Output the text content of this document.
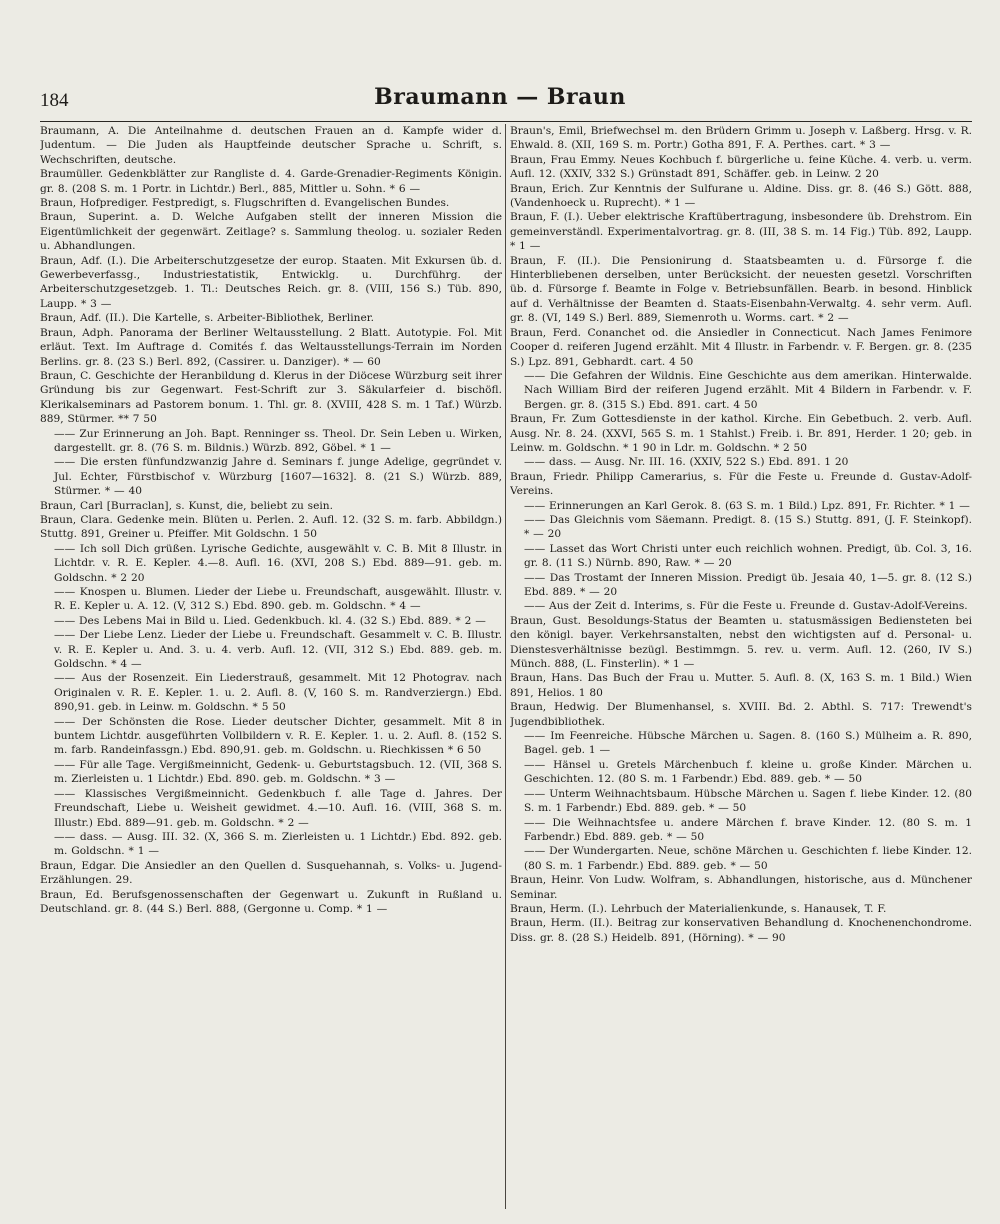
184	Braumann — Braun

Braumann, A. Die Anteilnahme d. deutschen Frauen an d. Kampfe wider d. Judentum. — Die Juden als Hauptfeinde deutscher Sprache u. Schrift, s. Wechschriften, deutsche.

Braumüller. Gedenkblätter zur Rangliste d. 4. Garde-Grenadier-Regiments Königin. gr. 8. (208 S. m. 1 Portr. in Lichtdr.) Berl., 885, Mittler u. Sohn. * 6 —

Braun, Hofprediger. Festpredigt, s. Flugschriften d. Evangelischen Bundes.

Braun, Superint. a. D. Welche Aufgaben stellt der inneren Mission die Eigentümlichkeit der gegenwärt. Zeitlage? s. Sammlung theolog. u. sozialer Reden u. Abhandlungen.

Braun, Adf. (I.). Die Arbeiterschutzgesetze der europ. Staaten. Mit Exkursen üb. d. Gewerbeverfassg., Industriestatistik, Entwicklg. u. Durchführg. der Arbeiterschutzgesetzgeb. 1. Tl.: Deutsches Reich. gr. 8. (VIII, 156 S.) Tüb. 890, Laupp. * 3 —

Braun, Adf. (II.). Die Kartelle, s. Arbeiter-Bibliothek, Berliner.

Braun, Adph. Panorama der Berliner Weltausstellung. 2 Blatt. Autotypie. Fol. Mit erläut. Text. Im Auftrage d. Comités f. das Weltausstellungs-Terrain im Norden Berlins. gr. 8. (23 S.) Berl. 892, (Cassirer. u. Danziger). * — 60

Braun, C. Geschichte der Heranbildung d. Klerus in der Diöcese Würzburg seit ihrer Gründung bis zur Gegenwart. Fest-Schrift zur 3. Säkularfeier d. bischöfl. Klerikalseminars ad Pastorem bonum. 1. Thl. gr. 8. (XVIII, 428 S. m. 1 Taf.) Würzb. 889, Stürmer. ** 7 50

—— Zur Erinnerung an Joh. Bapt. Renninger ss. Theol. Dr. Sein Leben u. Wirken, dargestellt. gr. 8. (76 S. m. Bildnis.) Würzb. 892, Göbel. * 1 —

—— Die ersten fünfundzwanzig Jahre d. Seminars f. junge Adelige, gegründet v. Jul. Echter, Fürstbischof v. Würzburg [1607—1632]. 8. (21 S.) Würzb. 889, Stürmer. * — 40

Braun, Carl [Burraclan], s. Kunst, die, beliebt zu sein.

Braun, Clara. Gedenke mein. Blüten u. Perlen. 2. Aufl. 12. (32 S. m. farb. Abbildgn.) Stuttg. 891, Greiner u. Pfeiffer. Mit Goldschn. 1 50

—— Ich soll Dich grüßen. Lyrische Gedichte, ausgewählt v. C. B. Mit 8 Illustr. in Lichtdr. v. R. E. Kepler. 4.—8. Aufl. 16. (XVI, 208 S.) Ebd. 889—91. geb. m. Goldschn. * 2 20

—— Knospen u. Blumen. Lieder der Liebe u. Freundschaft, ausgewählt. Illustr. v. R. E. Kepler u. A. 12. (V, 312 S.) Ebd. 890. geb. m. Goldschn. * 4 —

—— Des Lebens Mai in Bild u. Lied. Gedenkbuch. kl. 4. (32 S.) Ebd. 889. * 2 —

—— Der Liebe Lenz. Lieder der Liebe u. Freundschaft. Gesammelt v. C. B. Illustr. v. R. E. Kepler u. And. 3. u. 4. verb. Aufl. 12. (VII, 312 S.) Ebd. 889. geb. m. Goldschn. * 4 —

—— Aus der Rosenzeit. Ein Liederstrauß, gesammelt. Mit 12 Photograv. nach Originalen v. R. E. Kepler. 1. u. 2. Aufl. 8. (V, 160 S. m. Randverziergn.) Ebd. 890,91. geb. in Leinw. m. Goldschn. * 5 50

—— Der Schönsten die Rose. Lieder deutscher Dichter, gesammelt. Mit 8 in buntem Lichtdr. ausgeführten Vollbildern v. R. E. Kepler. 1. u. 2. Aufl. 8. (152 S. m. farb. Randeinfassgn.) Ebd. 890,91. geb. m. Goldschn. u. Riechkissen * 6 50

—— Für alle Tage. Vergißmeinnicht, Gedenk- u. Geburtstagsbuch. 12. (VII, 368 S. m. Zierleisten u. 1 Lichtdr.) Ebd. 890. geb. m. Goldschn. * 3 —

—— Klassisches Vergißmeinnicht. Gedenkbuch f. alle Tage d. Jahres. Der Freundschaft, Liebe u. Weisheit gewidmet. 4.—10. Aufl. 16. (VIII, 368 S. m. Illustr.) Ebd. 889—91. geb. m. Goldschn. * 2 —

—— dass. — Ausg. III. 32. (X, 366 S. m. Zierleisten u. 1 Lichtdr.) Ebd. 892. geb. m. Goldschn. * 1 —

Braun, Edgar. Die Ansiedler an den Quellen d. Susquehannah, s. Volks- u. Jugend-Erzählungen. 29.

Braun, Ed. Berufsgenossenschaften der Gegenwart u. Zukunft in Rußland u. Deutschland. gr. 8. (44 S.) Berl. 888, (Gergonne u. Comp. * 1 —

Braun's, Emil, Briefwechsel m. den Brüdern Grimm u. Joseph v. Laßberg. Hrsg. v. R. Ehwald. 8. (XII, 169 S. m. Portr.) Gotha 891, F. A. Perthes. cart. * 3 —

Braun, Frau Emmy. Neues Kochbuch f. bürgerliche u. feine Küche. 4. verb. u. verm. Aufl. 12. (XXIV, 332 S.) Grünstadt 891, Schäffer. geb. in Leinw. 2 20

Braun, Erich. Zur Kenntnis der Sulfurane u. Aldine. Diss. gr. 8. (46 S.) Gött. 888, (Vandenhoeck u. Ruprecht). * 1 —

Braun, F. (I.). Ueber elektrische Kraftübertragung, insbesondere üb. Drehstrom. Ein gemeinverständl. Experimentalvortrag. gr. 8. (III, 38 S. m. 14 Fig.) Tüb. 892, Laupp. * 1 —

Braun, F. (II.). Die Pensionirung d. Staatsbeamten u. d. Fürsorge f. die Hinterbliebenen derselben, unter Berücksicht. der neuesten gesetzl. Vorschriften üb. d. Fürsorge f. Beamte in Folge v. Betriebsunfällen. Bearb. in besond. Hinblick auf d. Verhältnisse der Beamten d. Staats-Eisenbahn-Verwaltg. 4. sehr verm. Aufl. gr. 8. (VI, 149 S.) Berl. 889, Siemenroth u. Worms. cart. * 2 —

Braun, Ferd. Conanchet od. die Ansiedler in Connecticut. Nach James Fenimore Cooper d. reiferen Jugend erzählt. Mit 4 Illustr. in Farbendr. v. F. Bergen. gr. 8. (235 S.) Lpz. 891, Gebhardt. cart. 4 50

—— Die Gefahren der Wildnis. Eine Geschichte aus dem amerikan. Hinterwalde. Nach William Bird der reiferen Jugend erzählt. Mit 4 Bildern in Farbendr. v. F. Bergen. gr. 8. (315 S.) Ebd. 891. cart. 4 50

Braun, Fr. Zum Gottesdienste in der kathol. Kirche. Ein Gebetbuch. 2. verb. Aufl. Ausg. Nr. 8. 24. (XXVI, 565 S. m. 1 Stahlst.) Freib. i. Br. 891, Herder. 1 20; geb. in Leinw. m. Goldschn. * 1 90 in Ldr. m. Goldschn. * 2 50

—— dass. — Ausg. Nr. III. 16. (XXIV, 522 S.) Ebd. 891. 1 20

Braun, Friedr. Philipp Camerarius, s. Für die Feste u. Freunde d. Gustav-Adolf-Vereins.

—— Erinnerungen an Karl Gerok. 8. (63 S. m. 1 Bild.) Lpz. 891, Fr. Richter. * 1 —

—— Das Gleichnis vom Säemann. Predigt. 8. (15 S.) Stuttg. 891, (J. F. Steinkopf). * — 20

—— Lasset das Wort Christi unter euch reichlich wohnen. Predigt, üb. Col. 3, 16. gr. 8. (11 S.) Nürnb. 890, Raw. * — 20

—— Das Trostamt der Inneren Mission. Predigt üb. Jesaia 40, 1—5. gr. 8. (12 S.) Ebd. 889. * — 20

—— Aus der Zeit d. Interims, s. Für die Feste u. Freunde d. Gustav-Adolf-Vereins.

Braun, Gust. Besoldungs-Status der Beamten u. statusmässigen Bediensteten bei den königl. bayer. Verkehrsanstalten, nebst den wichtigsten auf d. Personal- u. Dienstesverhältnisse bezügl. Bestimmgn. 5. rev. u. verm. Aufl. 12. (260, IV S.) Münch. 888, (L. Finsterlin). * 1 —

Braun, Hans. Das Buch der Frau u. Mutter. 5. Aufl. 8. (X, 163 S. m. 1 Bild.) Wien 891, Helios. 1 80

Braun, Hedwig. Der Blumenhansel, s. XVIII. Bd. 2. Abthl. S. 717: Trewendt's Jugendbibliothek.

—— Im Feenreiche. Hübsche Märchen u. Sagen. 8. (160 S.) Mülheim a. R. 890, Bagel. geb. 1 —

—— Hänsel u. Gretels Märchenbuch f. kleine u. große Kinder. Märchen u. Geschichten. 12. (80 S. m. 1 Farbendr.) Ebd. 889. geb. * — 50

—— Unterm Weihnachtsbaum. Hübsche Märchen u. Sagen f. liebe Kinder. 12. (80 S. m. 1 Farbendr.) Ebd. 889. geb. * — 50

—— Die Weihnachtsfee u. andere Märchen f. brave Kinder. 12. (80 S. m. 1 Farbendr.) Ebd. 889. geb. * — 50

—— Der Wundergarten. Neue, schöne Märchen u. Geschichten f. liebe Kinder. 12. (80 S. m. 1 Farbendr.) Ebd. 889. geb. * — 50

Braun, Heinr. Von Ludw. Wolfram, s. Abhandlungen, historische, aus d. Münchener Seminar.

Braun, Herm. (I.). Lehrbuch der Materialienkunde, s. Hanausek, T. F.

Braun, Herm. (II.). Beitrag zur konservativen Behandlung d. Knochenenchondrome. Diss. gr. 8. (28 S.) Heidelb. 891, (Hörning). * — 90
